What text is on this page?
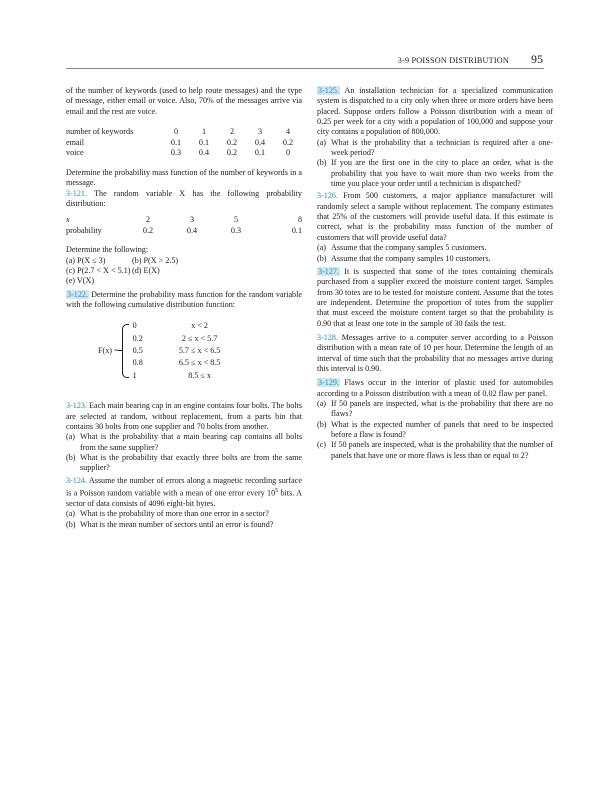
3-9 POISSON DISTRIBUTION 95

of the number of keywords (used to help route messages) and the type of message, either email or voice. Also, 70% of the messages arrive via email and the rest are voice.

number of keywords	0	1	2	3	4
email	0.1	0.1	0.2	0.4	0.2
voice	0.3	0.4	0.2	0.1	0

Determine the probability mass function of the number of keywords in a message.

3-121. The random variable X has the following probability distribution:

x	2	3	5	8
probability	0.2	0.4	0.3	0.1

Determine the following:

(a) P(X ≤ 3)	(b) P(X > 2.5)
(c) P(2.7 < X < 5.1) (d) E(X)
(e) V(X)

3-122. Determine the probability mass function for the random variable with the following cumulative distribution function:

F(x) =
0	x < 2
0.2	2 ≤ x < 5.7
0.5	5.7 ≤ x < 6.5
0.8	6.5 ≤ x < 8.5
1	8.5 ≤ x

3-123. Each main bearing cap in an engine contains four bolts. The bolts are selected at random, without replacement, from a parts bin that contains 30 bolts from one supplier and 70 bolts from another.

(a) What is the probability that a main bearing cap contains all bolts from the same supplier?
(b) What is the probability that exactly three bolts are from the same supplier?

3-124. Assume the number of errors along a magnetic recording surface is a Poisson random variable with a mean of one error every $10^5$ bits. A sector of data consists of 4096 eight-bit bytes.

(a) What is the probability of more than one error in a sector?
(b) What is the mean number of sectors until an error is found?

3-125. An installation technician for a specialized communication system is dispatched to a city only when three or more orders have been placed. Suppose orders follow a Poisson distribution with a mean of 0.25 per week for a city with a population of 100,000 and suppose your city contains a population of 800,000.

(a) What is the probability that a technician is required after a one-week period?
(b) If you are the first one in the city to place an order, what is the probability that you have to wait more than two weeks from the time you place your order until a technician is dispatched?

3-126. From 500 customers, a major appliance manufacturer will randomly select a sample without replacement. The company estimates that 25% of the customers will provide useful data. If this estimate is correct, what is the probability mass function of the number of customers that will provide useful data?

(a) Assume that the company samples 5 customers.
(b) Assume that the company samples 10 customers.

3-127. It is suspected that some of the totes containing chemicals purchased from a supplier exceed the moisture content target. Samples from 30 totes are to be tested for moisture content. Assume that the totes are independent. Determine the proportion of totes from the supplier that must exceed the moisture content target so that the probability is 0.90 that at least one tote in the sample of 30 fails the test.

3-128. Messages arrive to a computer server according to a Poisson distribution with a mean rate of 10 per hour. Determine the length of an interval of time such that the probability that no messages arrive during this interval is 0.90.

3-129. Flaws occur in the interior of plastic used for automobiles according to a Poisson distribution with a mean of 0.02 flaw per panel.

(a) If 50 panels are inspected, what is the probability that there are no flaws?
(b) What is the expected number of panels that need to be inspected before a flaw is found?
(c) If 50 panels are inspected, what is the probability that the number of panels that have one or more flaws is less than or equal to 2?
